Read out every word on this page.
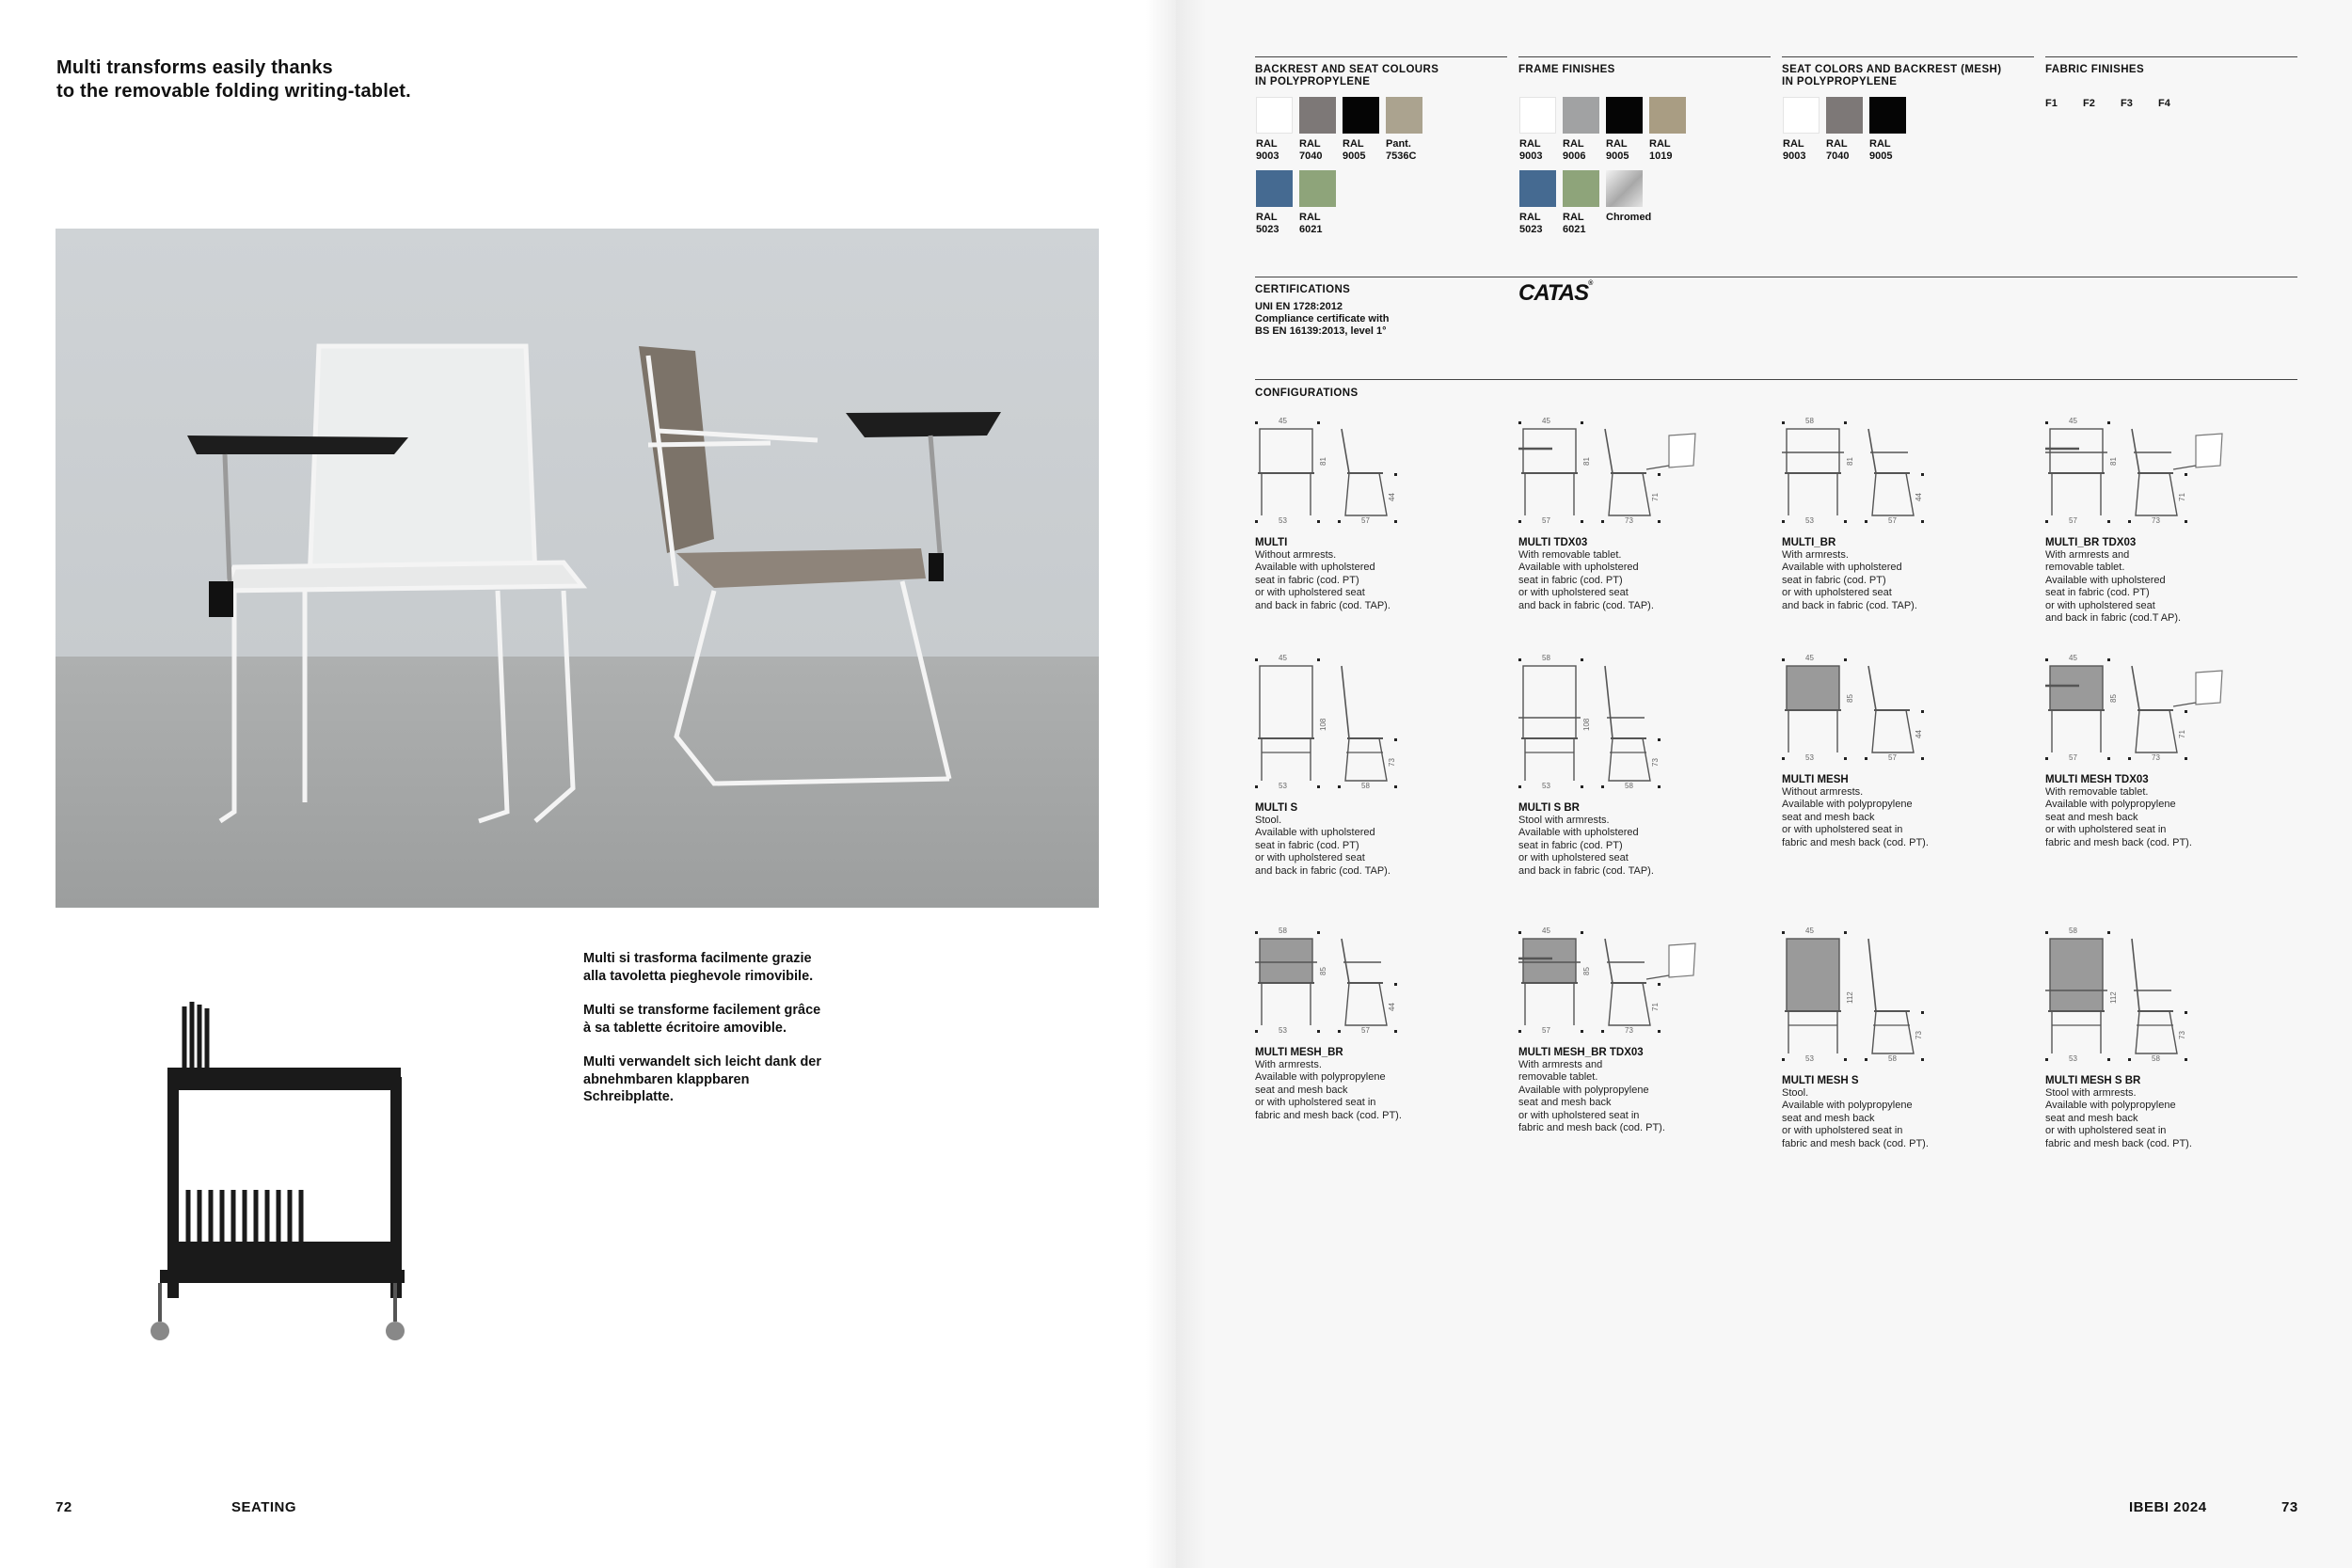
Multi transforms easily thanks
to the removable folding writing-tablet.

Multi si trasforma facilmente grazie alla tavoletta pieghevole rimovibile.

Multi se transforme facilement grâce à sa tablette écritoire amovible.

Multi verwandelt sich leicht dank der abnehmbaren klappbaren Schreibplatte.

72	SEATING
BACKREST AND SEAT COLOURS
IN POLYPROPYLENE
FRAME FINISHES	SEAT COLORS AND BACKREST (MESH)
IN POLYPROPYLENE
FABRIC FINISHES
RAL
9003
RAL
7040
RAL
9005
Pant.
7536C
RAL
5023
RAL
6021
RAL
9003
RAL
9006
RAL
9005
RAL
1019
RAL
5023
RAL
6021
Chromed
RAL
9003
RAL
7040
RAL
9005
F1 F2 F3 F4
CERTIFICATIONS
UNI EN 1728:2012
Compliance certificate with
BS EN 16139:2013, level 1°
CATAS®
CONFIGURATIONS
45
81
44
53	57
MULTI
Without armrests.
Available with upholstered
seat in fabric (cod. PT)
or with upholstered seat
and back in fabric (cod. TAP).
45
81
71
57	73
MULTI TDX03
With removable tablet.
Available with upholstered
seat in fabric (cod. PT)
or with upholstered seat
and back in fabric (cod. TAP).
58
81
44
53	57
MULTI_BR
With armrests.
Available with upholstered
seat in fabric (cod. PT)
or with upholstered seat
and back in fabric (cod. TAP).
45
81
71
57	73
MULTI_BR TDX03
With armrests and
removable tablet.
Available with upholstered
seat in fabric (cod. PT)
or with upholstered seat
and back in fabric (cod.T AP).
45
108
73
53	58
MULTI S
Stool.
Available with upholstered
seat in fabric (cod. PT)
or with upholstered seat
and back in fabric (cod. TAP).
58
108
73
53	58
MULTI S BR
Stool with armrests.
Available with upholstered
seat in fabric (cod. PT)
or with upholstered seat
and back in fabric (cod. TAP).
45
85
44
53	57
MULTI MESH
Without armrests.
Available with polypropylene
seat and mesh back
or with upholstered seat in
fabric and mesh back (cod. PT).
45
85
71
57	73
MULTI MESH TDX03
With removable tablet.
Available with polypropylene
seat and mesh back
or with upholstered seat in
fabric and mesh back (cod. PT).
58
85
44
53	57
MULTI MESH_BR
With armrests.
Available with polypropylene
seat and mesh back
or with upholstered seat in
fabric and mesh back (cod. PT).
45
85
71
57	73
MULTI MESH_BR TDX03
With armrests and
removable tablet.
Available with polypropylene
seat and mesh back
or with upholstered seat in
fabric and mesh back (cod. PT).
45
112
73
53	58
MULTI MESH S
Stool.
Available with polypropylene
seat and mesh back
or with upholstered seat in
fabric and mesh back (cod. PT).
58
112
73
53	58
MULTI MESH S BR
Stool with armrests.
Available with polypropylene
seat and mesh back
or with upholstered seat in
fabric and mesh back (cod. PT).
IBEBI 2024	73
